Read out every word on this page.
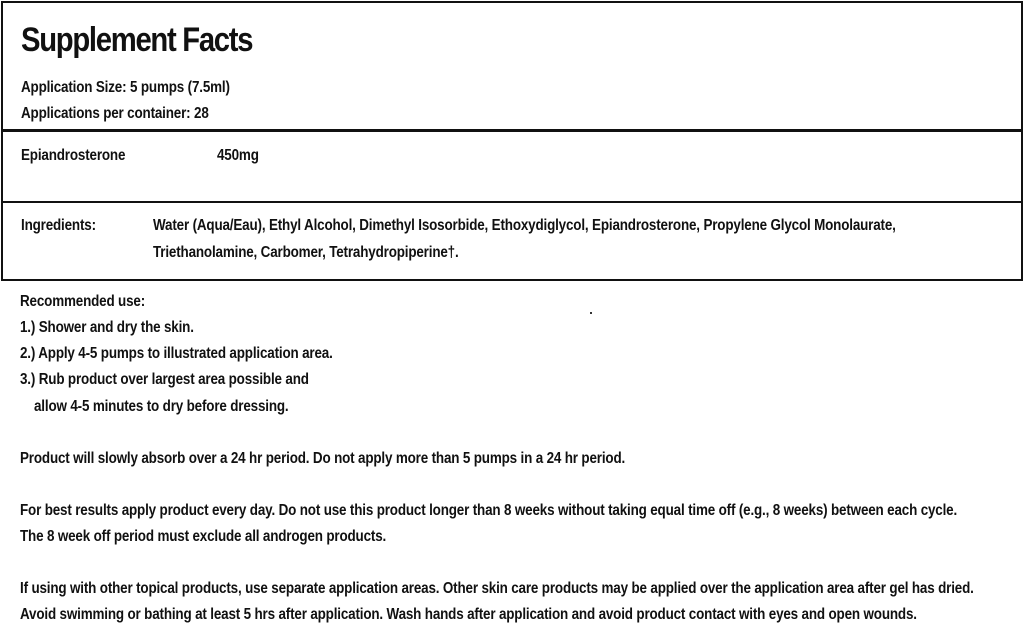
Supplement Facts
Application Size: 5 pumps (7.5ml)
Applications per container: 28
Epiandrosterone	450mg
Ingredients:	Water (Aqua/Eau), Ethyl Alcohol, Dimethyl Isosorbide, Ethoxydiglycol, Epiandrosterone, Propylene Glycol Monolaurate,
Triethanolamine, Carbomer, Tetrahydropiperine†.
Recommended use:
1.) Shower and dry the skin.
2.) Apply 4-5 pumps to illustrated application area.
3.) Rub product over largest area possible and
allow 4-5 minutes to dry before dressing.
Product will slowly absorb over a 24 hr period. Do not apply more than 5 pumps in a 24 hr period.
For best results apply product every day. Do not use this product longer than 8 weeks without taking equal time off (e.g., 8 weeks) between each cycle.
The 8 week off period must exclude all androgen products.
If using with other topical products, use separate application areas. Other skin care products may be applied over the application area after gel has dried.
Avoid swimming or bathing at least 5 hrs after application. Wash hands after application and avoid product contact with eyes and open wounds.
